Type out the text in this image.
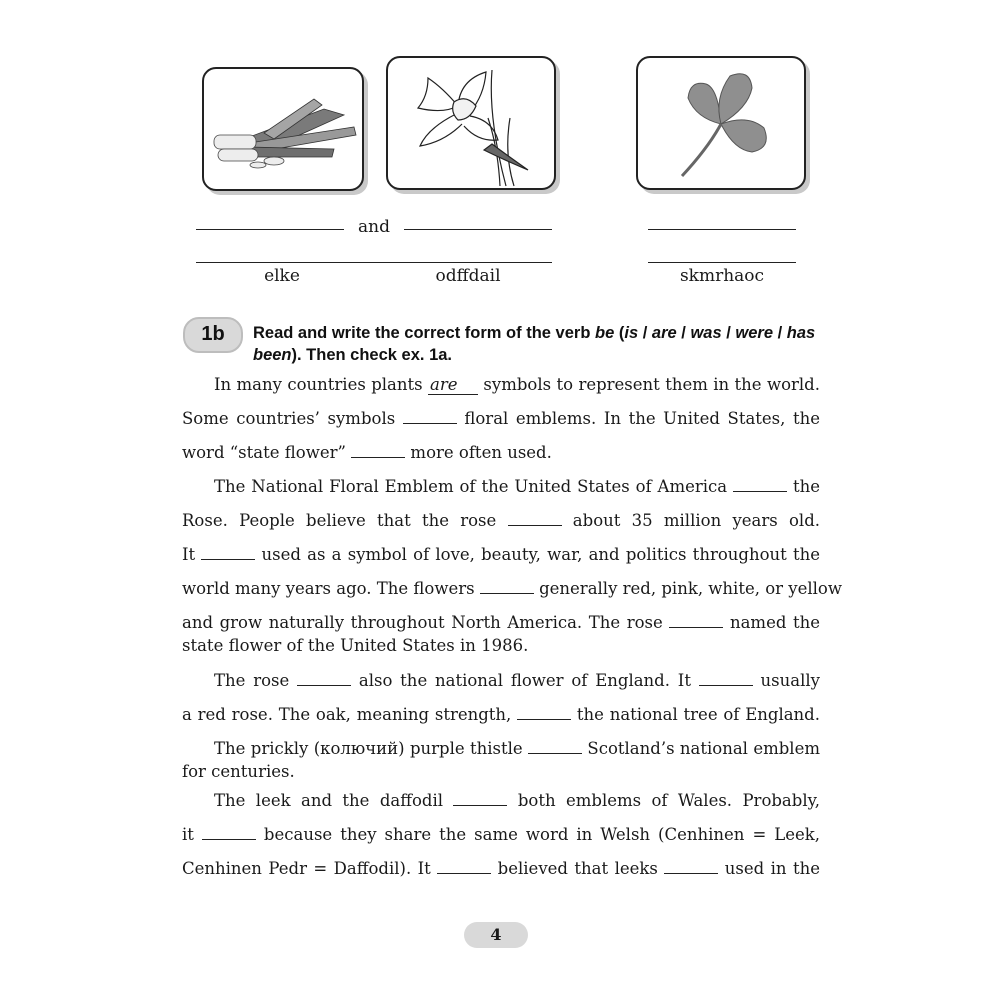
and
elke	odffdail	skmrhaoc
1b	Read and write the correct form of the verb be (is / are / was / were / has been). Then check ex. 1a.
In many countries plants are symbols to represent them in the world.
Some countries’ symbols	floral emblems. In the United States, the
word “state flower”	more often used.
The National Floral Emblem of the United States of America	the
Rose. People believe that the rose	about 35 million years old.
It	used as a symbol of love, beauty, war, and politics throughout the
world many years ago. The flowers	generally red, pink, white, or yellow
and grow naturally throughout North America. The rose	named the
state flower of the United States in 1986.
The rose	also the national flower of England. It	usually
a red rose. The oak, meaning strength,	the national tree of England.
The prickly (колючий) purple thistle	Scotland’s national emblem
for centuries.
The leek and the daffodil	both emblems of Wales. Probably,
it	because they share the same word in Welsh (Cenhinen = Leek,
Cenhinen Pedr = Daffodil). It	believed that leeks	used in the
4
